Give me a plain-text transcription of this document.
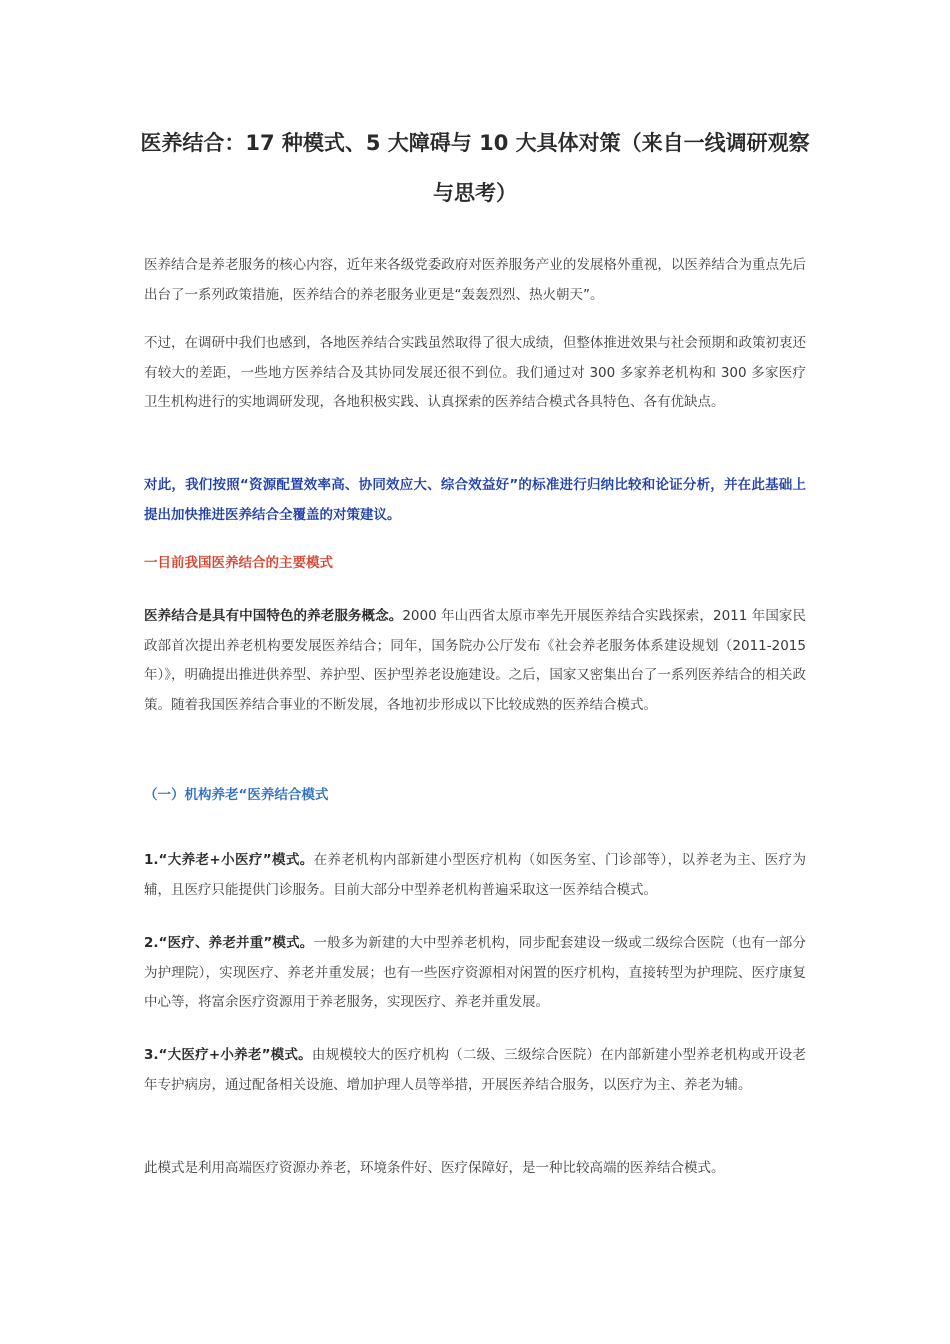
医养结合：17 种模式、5 大障碍与 10 大具体对策（来自一线调研观察与思考）

医养结合是养老服务的核心内容，近年来各级党委政府对医养服务产业的发展格外重视，以医养结合为重点先后出台了一系列政策措施，医养结合的养老服务业更是“轰轰烈烈、热火朝天”。

不过，在调研中我们也感到，各地医养结合实践虽然取得了很大成绩，但整体推进效果与社会预期和政策初衷还有较大的差距，一些地方医养结合及其协同发展还很不到位。我们通过对 300 多家养老机构和 300 多家医疗卫生机构进行的实地调研发现，各地积极实践、认真探索的医养结合模式各具特色、各有优缺点。

对此，我们按照“资源配置效率高、协同效应大、综合效益好”的标准进行归纳比较和论证分析，并在此基础上提出加快推进医养结合全覆盖的对策建议。

一目前我国医养结合的主要模式

医养结合是具有中国特色的养老服务概念。2000 年山西省太原市率先开展医养结合实践探索，2011 年国家民政部首次提出养老机构要发展医养结合；同年，国务院办公厅发布《社会养老服务体系建设规划（2011-2015 年）》，明确提出推进供养型、养护型、医护型养老设施建设。之后，国家又密集出台了一系列医养结合的相关政策。随着我国医养结合事业的不断发展，各地初步形成以下比较成熟的医养结合模式。

（一）机构养老“医养结合模式

1.“大养老+小医疗”模式。在养老机构内部新建小型医疗机构（如医务室、门诊部等），以养老为主、医疗为辅，且医疗只能提供门诊服务。目前大部分中型养老机构普遍采取这一医养结合模式。

2.“医疗、养老并重”模式。一般多为新建的大中型养老机构，同步配套建设一级或二级综合医院（也有一部分为护理院），实现医疗、养老并重发展；也有一些医疗资源相对闲置的医疗机构，直接转型为护理院、医疗康复中心等，将富余医疗资源用于养老服务，实现医疗、养老并重发展。

3.“大医疗+小养老”模式。由规模较大的医疗机构（二级、三级综合医院）在内部新建小型养老机构或开设老年专护病房，通过配备相关设施、增加护理人员等举措，开展医养结合服务，以医疗为主、养老为辅。

此模式是利用高端医疗资源办养老，环境条件好、医疗保障好，是一种比较高端的医养结合模式。
